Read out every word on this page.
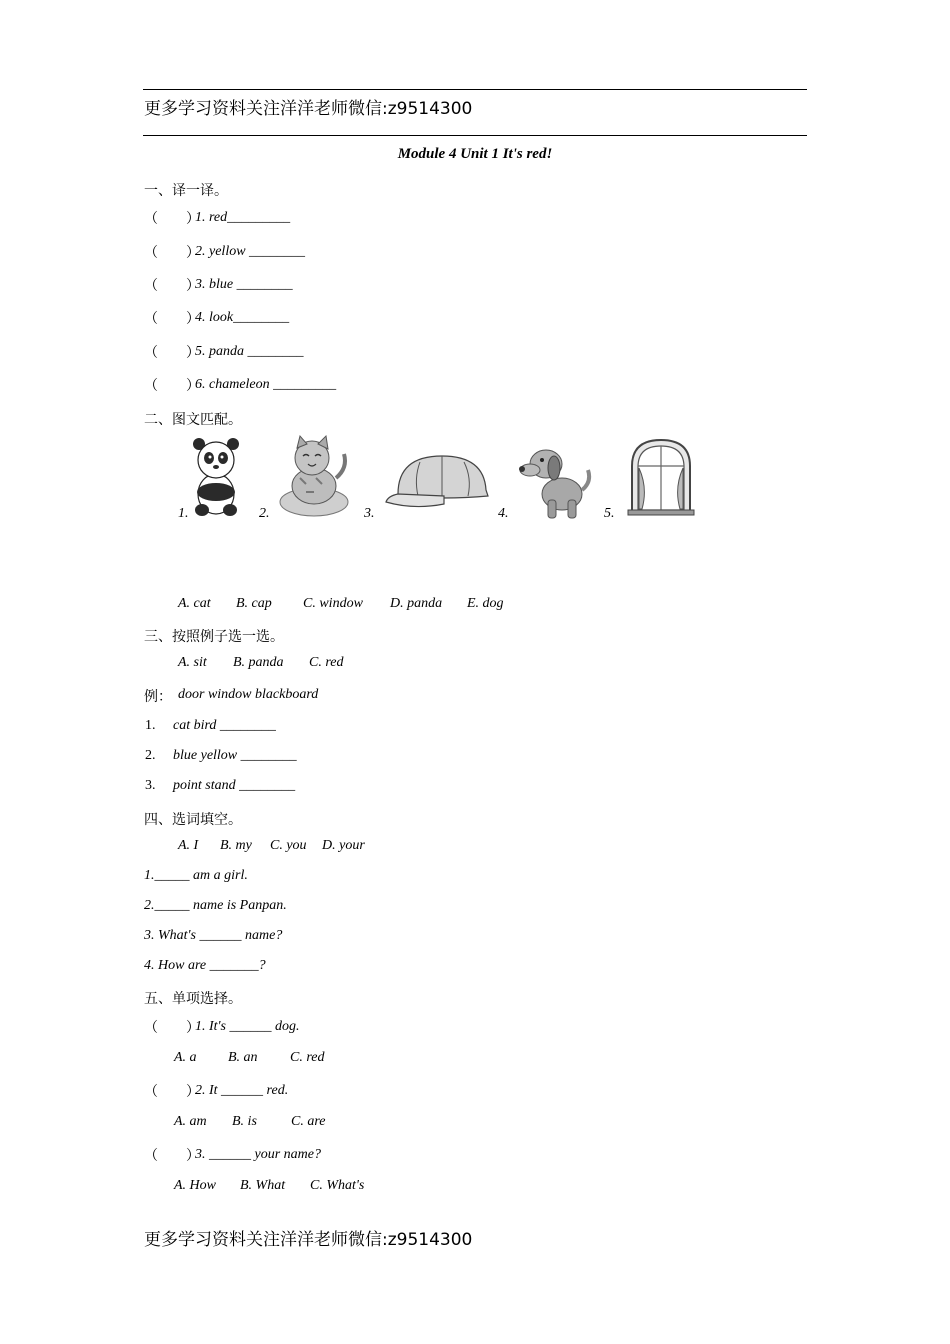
更多学习资料关注洋洋老师微信:z9514300
Module 4 Unit 1 It's red!
一、译一译。
（　　）
1. red_________
（　　）
2. yellow ________
（　　）
3. blue ________
（　　）
4. look________
（　　）
5. panda ________
（　　）
6. chameleon _________
二、图文匹配。
1.	2.	3.	4.	5.
A. cat B. cap C. window D. panda E. dog
三、按照例子选一选。
A. sit B. panda C. red
例： door window blackboard
1. cat bird ________
2. blue yellow ________
3. point stand ________
四、选词填空。
A. I B. my C. you D. your
1._____ am a girl.
2._____ name is Panpan.
3. What's ______ name?
4. How are _______?
五、单项选择。
（　　）
1. It's ______ dog.
A. a B. an C. red
（　　）
2. It ______ red.
A. am B. is C. are
（　　）
3. ______ your name?
A. How B. What C. What's
更多学习资料关注洋洋老师微信:z9514300
